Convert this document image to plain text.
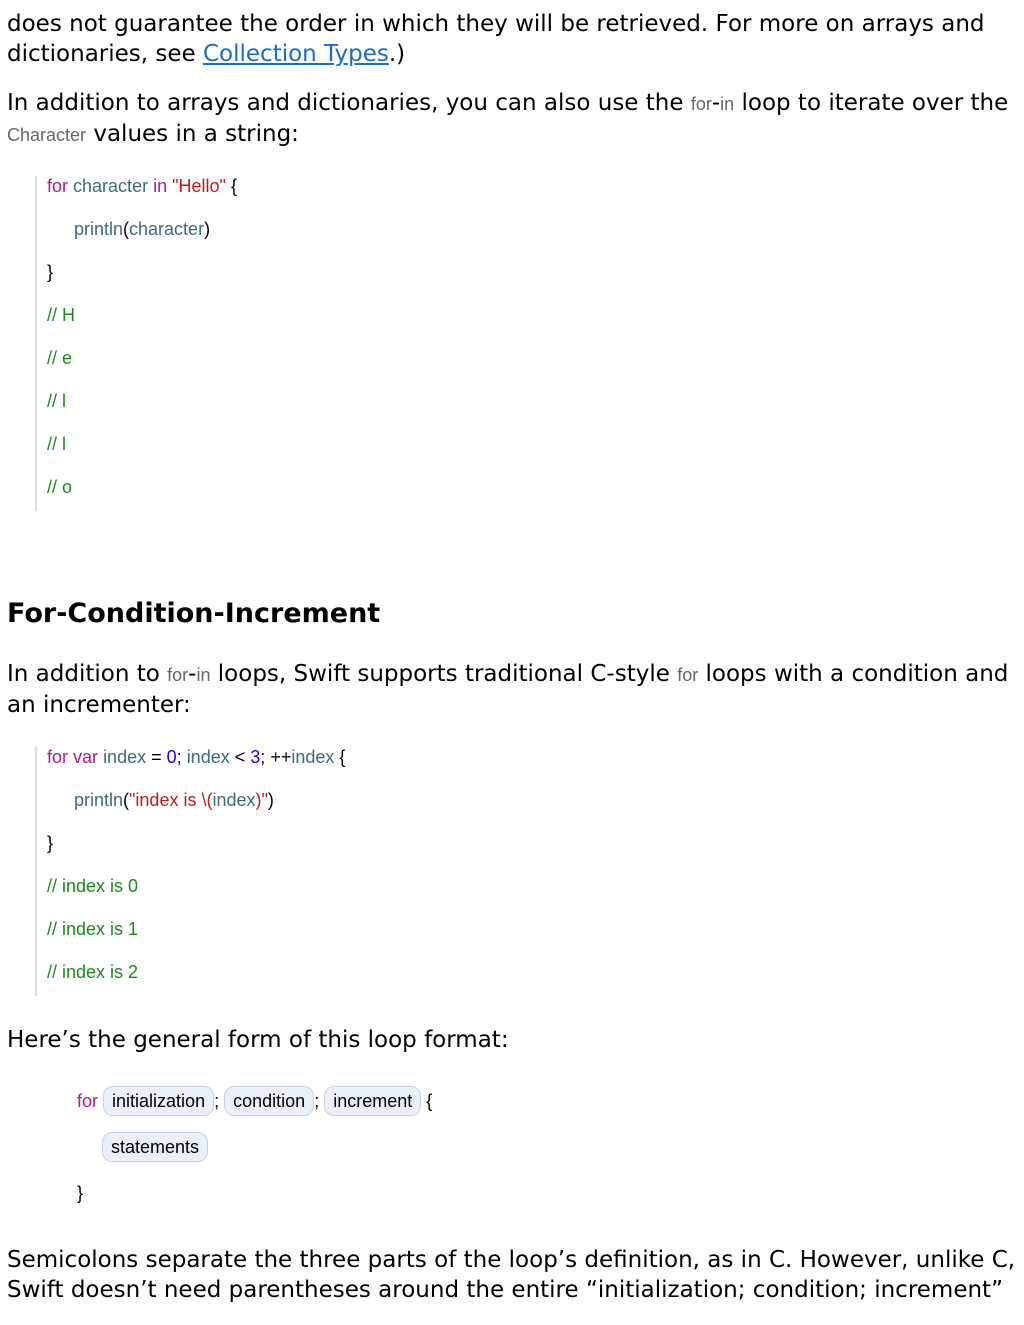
does not guarantee the order in which they will be retrieved. For more on arrays and
dictionaries, see Collection Types.)

In addition to arrays and dictionaries, you can also use the for-in loop to iterate over the
Character values in a string:

for character in "Hello" {
println(character)
}
// H
// e
// l
// l
// o
For-Condition-Increment

In addition to for-in loops, Swift supports traditional C-style for loops with a condition and
an incrementer:

for var index = 0; index < 3; ++index {
println("index is \(index)")
}
// index is 0
// index is 1
// index is 2

Here’s the general form of this loop format:

for initialization ; condition ; increment {
statements
}

Semicolons separate the three parts of the loop’s definition, as in C. However, unlike C,
Swift doesn’t need parentheses around the entire “initialization; condition; increment”
